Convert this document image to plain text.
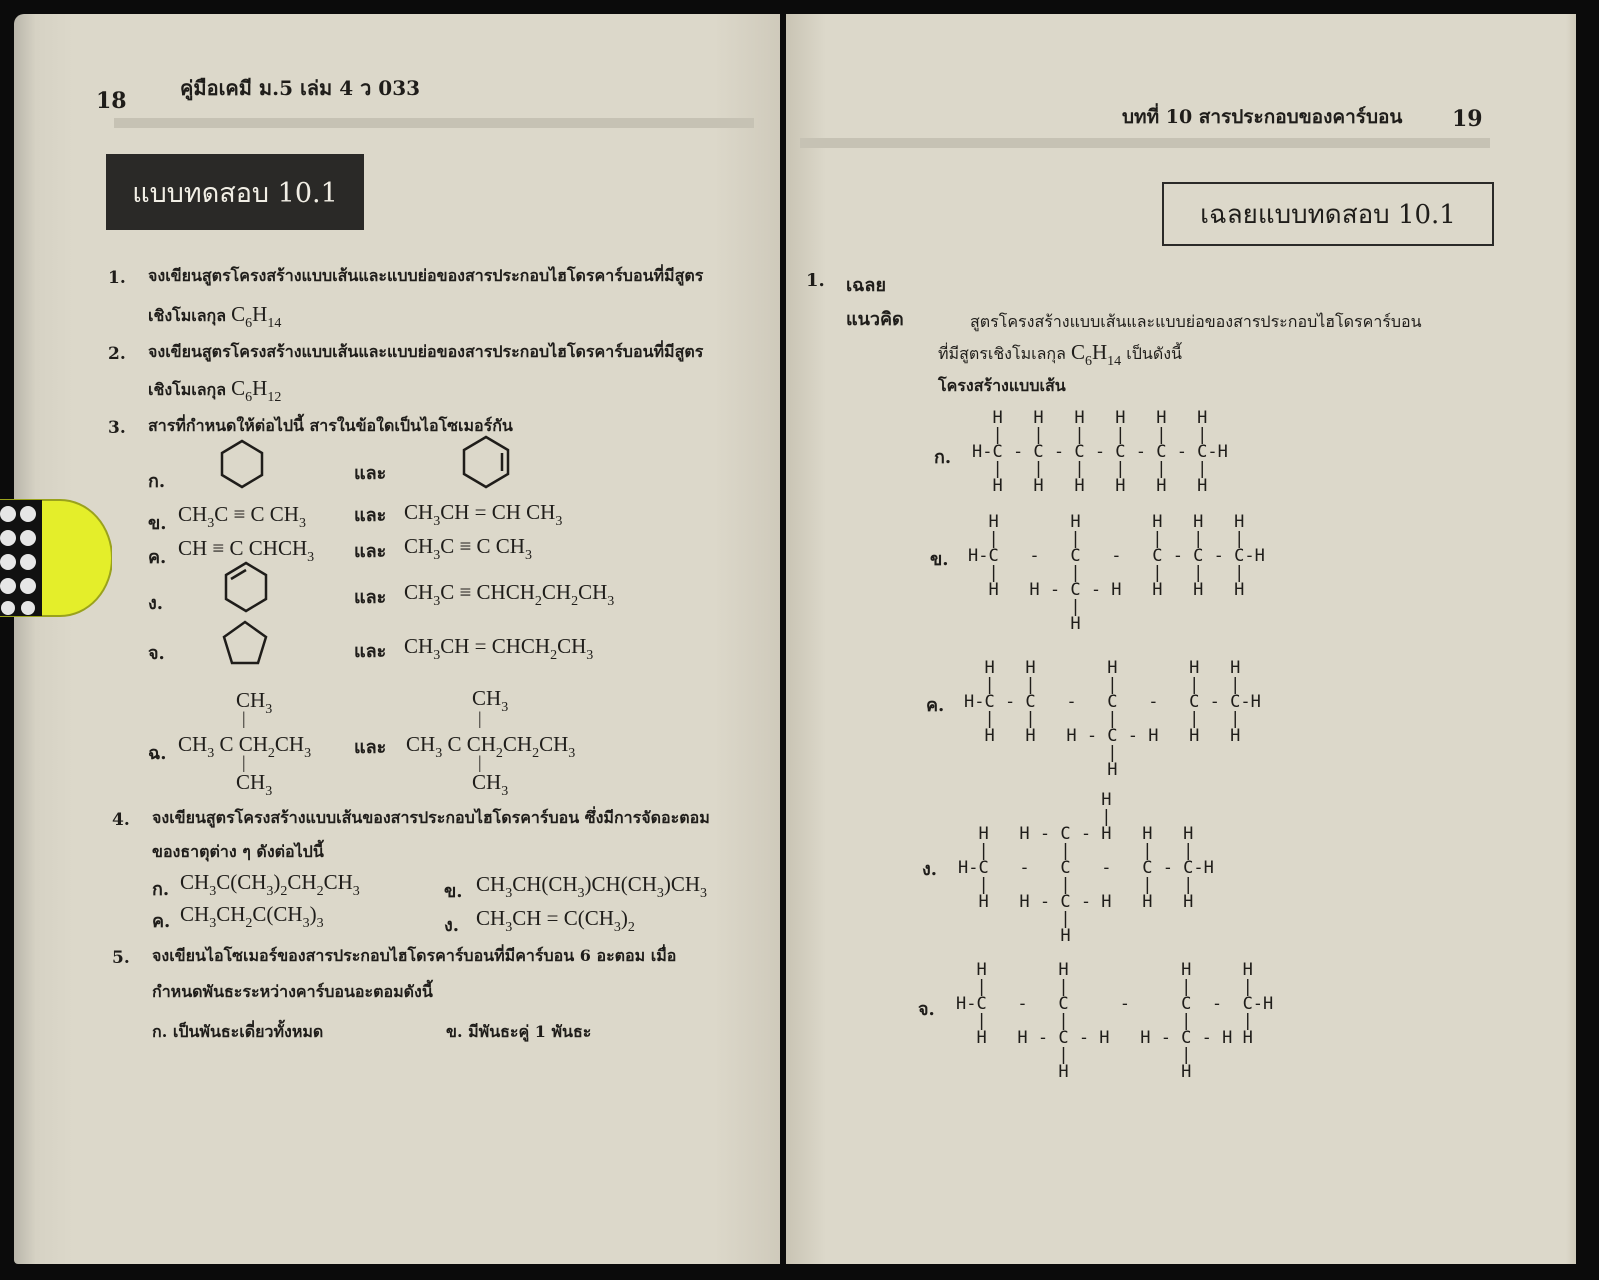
18	คู่มือเคมี ม.5 เล่ม 4 ว 033
แบบทดสอบ 10.1
1. จงเขียนสูตรโครงสร้างแบบเส้นและแบบย่อของสารประกอบไฮโดรคาร์บอนที่มีสูตร
เชิงโมเลกุล $C_6H_{14}$
2. จงเขียนสูตรโครงสร้างแบบเส้นและแบบย่อของสารประกอบไฮโดรคาร์บอนที่มีสูตร
เชิงโมเลกุล $C_6H_{12}$
3. สารที่กำหนดให้ต่อไปนี้ สารในข้อใดเป็นไอโซเมอร์กัน
ก.	และ
ข. $CH_3C \equiv C$ $CH_3$	และ $CH_3CH$ = CH $CH_3$
ค. CH ≡ C $CHCH_3$ และ $CH_3C \equiv C$ $CH_3$
ง.	และ $CH_3C$ ≡ $CHCH_2CH_2CH_3$
จ.	และ $CH_3CH$ = $CHCH_2CH_3$
$CH_3$
|
ฉ. $CH_3$ C $CH_2CH_3$
|
$CH_3$
และ
$CH_3$
|
$CH_3$ C $CH_2CH_2CH_3$
|
$CH_3$
4. จงเขียนสูตรโครงสร้างแบบเส้นของสารประกอบไฮโดรคาร์บอน ซึ่งมีการจัดอะตอม
ของธาตุต่าง ๆ ดังต่อไปนี้
ก. $CH_3C(CH_3)_2CH_2CH_3$	ข. $CH_3CH(CH_3)CH(CH_3)CH_3$
ค. $CH_3CH_2C(CH_3)_3$	ง. $CH_3CH = C(CH_3)_2$
5. จงเขียนไอโซเมอร์ของสารประกอบไฮโดรคาร์บอนที่มีคาร์บอน 6 อะตอม เมื่อ
กำหนดพันธะระหว่างคาร์บอนอะตอมดังนี้
ก. เป็นพันธะเดี่ยวทั้งหมด	ข. มีพันธะคู่ 1 พันธะ
บทที่ 10 สารประกอบของคาร์บอน 19
เฉลยแบบทดสอบ 10.1
1. เฉลย
แนวคิด	สูตรโครงสร้างแบบเส้นและแบบย่อของสารประกอบไฮโดรคาร์บอน
ที่มีสูตรเชิงโมเลกุล $C_6H_{14}$ เป็นดังนี้
โครงสร้างแบบเส้น
ก.
H   H   H   H   H   H
|   |   |   |   |   |
H-C - C - C - C - C - C-H
|   |   |   |   |   |
H   H   H   H   H   H
ข.
H       H       H   H   H
|       |       |   |   |
H-C   -   C   -   C - C - C-H
|       |       |   |   |
H   H - C - H   H   H   H
|
H
ค.
H   H       H       H   H
|   |       |       |   |
H-C - C   -   C   -   C - C-H
|   |       |       |   |
H   H   H - C - H   H   H
|
H
ง.
H
|
H   H - C - H   H   H
|       |       |   |
H-C   -   C   -   C - C-H
|       |       |   |
H   H - C - H   H   H
|
H
จ.
H       H           H     H
|       |           |     |
H-C   -   C     -     C  -  C-H
|       |           |     |
H   H - C - H   H - C - H H
|           |
H           H
